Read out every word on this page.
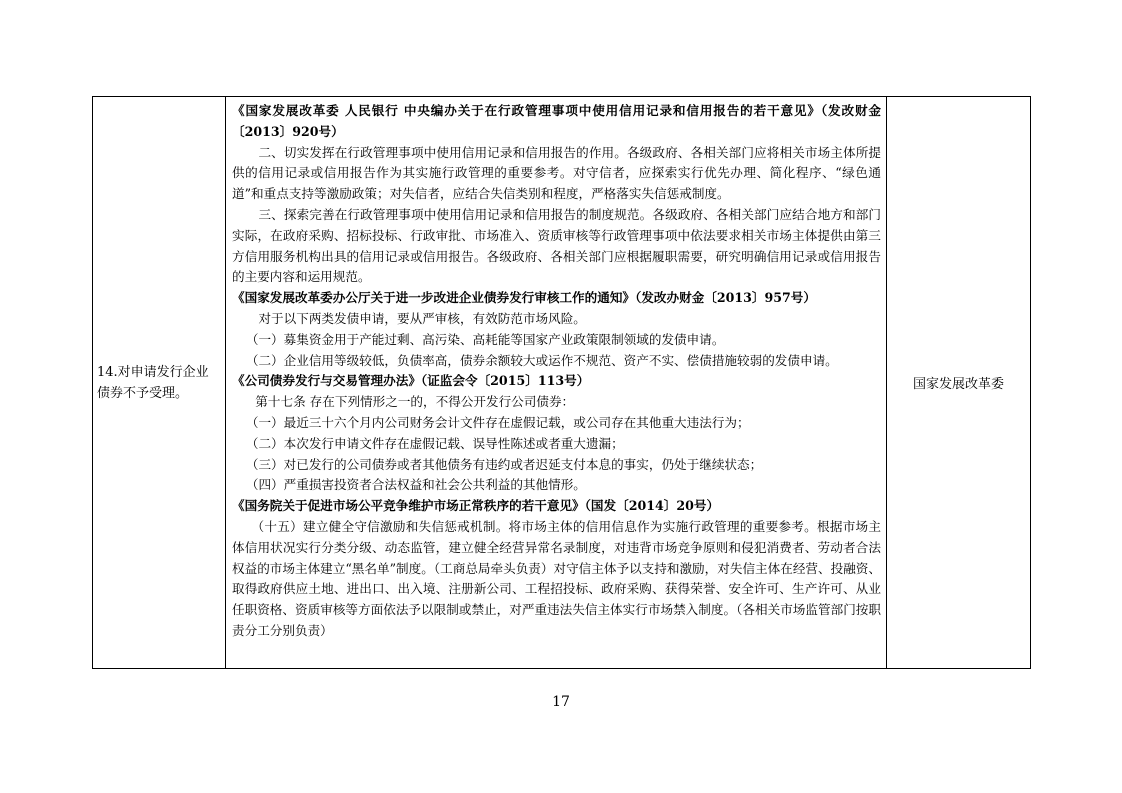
14.对申请发行企业债券不予受理。

《国家发展改革委 人民银行 中央编办关于在行政管理事项中使用信用记录和信用报告的若干意见》（发改财金〔2013〕920号）

二、切实发挥在行政管理事项中使用信用记录和信用报告的作用。各级政府、各相关部门应将相关市场主体所提供的信用记录或信用报告作为其实施行政管理的重要参考。对守信者，应探索实行优先办理、简化程序、“绿色通道”和重点支持等激励政策；对失信者，应结合失信类别和程度，严格落实失信惩戒制度。

三、探索完善在行政管理事项中使用信用记录和信用报告的制度规范。各级政府、各相关部门应结合地方和部门实际，在政府采购、招标投标、行政审批、市场准入、资质审核等行政管理事项中依法要求相关市场主体提供由第三方信用服务机构出具的信用记录或信用报告。各级政府、各相关部门应根据履职需要，研究明确信用记录或信用报告的主要内容和运用规范。

《国家发展改革委办公厅关于进一步改进企业债券发行审核工作的通知》（发改办财金〔2013〕957号）

对于以下两类发债申请，要从严审核，有效防范市场风险。

（一）募集资金用于产能过剩、高污染、高耗能等国家产业政策限制领域的发债申请。

（二）企业信用等级较低，负债率高，债券余额较大或运作不规范、资产不实、偿债措施较弱的发债申请。

《公司债券发行与交易管理办法》（证监会令〔2015〕113号）

第十七条 存在下列情形之一的，不得公开发行公司债券：

（一）最近三十六个月内公司财务会计文件存在虚假记载，或公司存在其他重大违法行为；

（二）本次发行申请文件存在虚假记载、误导性陈述或者重大遗漏；

（三）对已发行的公司债券或者其他债务有违约或者迟延支付本息的事实，仍处于继续状态；

（四）严重损害投资者合法权益和社会公共利益的其他情形。

《国务院关于促进市场公平竞争维护市场正常秩序的若干意见》（国发〔2014〕20号）

（十五）建立健全守信激励和失信惩戒机制。将市场主体的信用信息作为实施行政管理的重要参考。根据市场主体信用状况实行分类分级、动态监管，建立健全经营异常名录制度，对违背市场竞争原则和侵犯消费者、劳动者合法权益的市场主体建立“黑名单”制度。（工商总局牵头负责）对守信主体予以支持和激励，对失信主体在经营、投融资、取得政府供应土地、进出口、出入境、注册新公司、工程招投标、政府采购、获得荣誉、安全许可、生产许可、从业任职资格、资质审核等方面依法予以限制或禁止，对严重违法失信主体实行市场禁入制度。（各相关市场监管部门按职责分工分别负责）

国家发展改革委
17
